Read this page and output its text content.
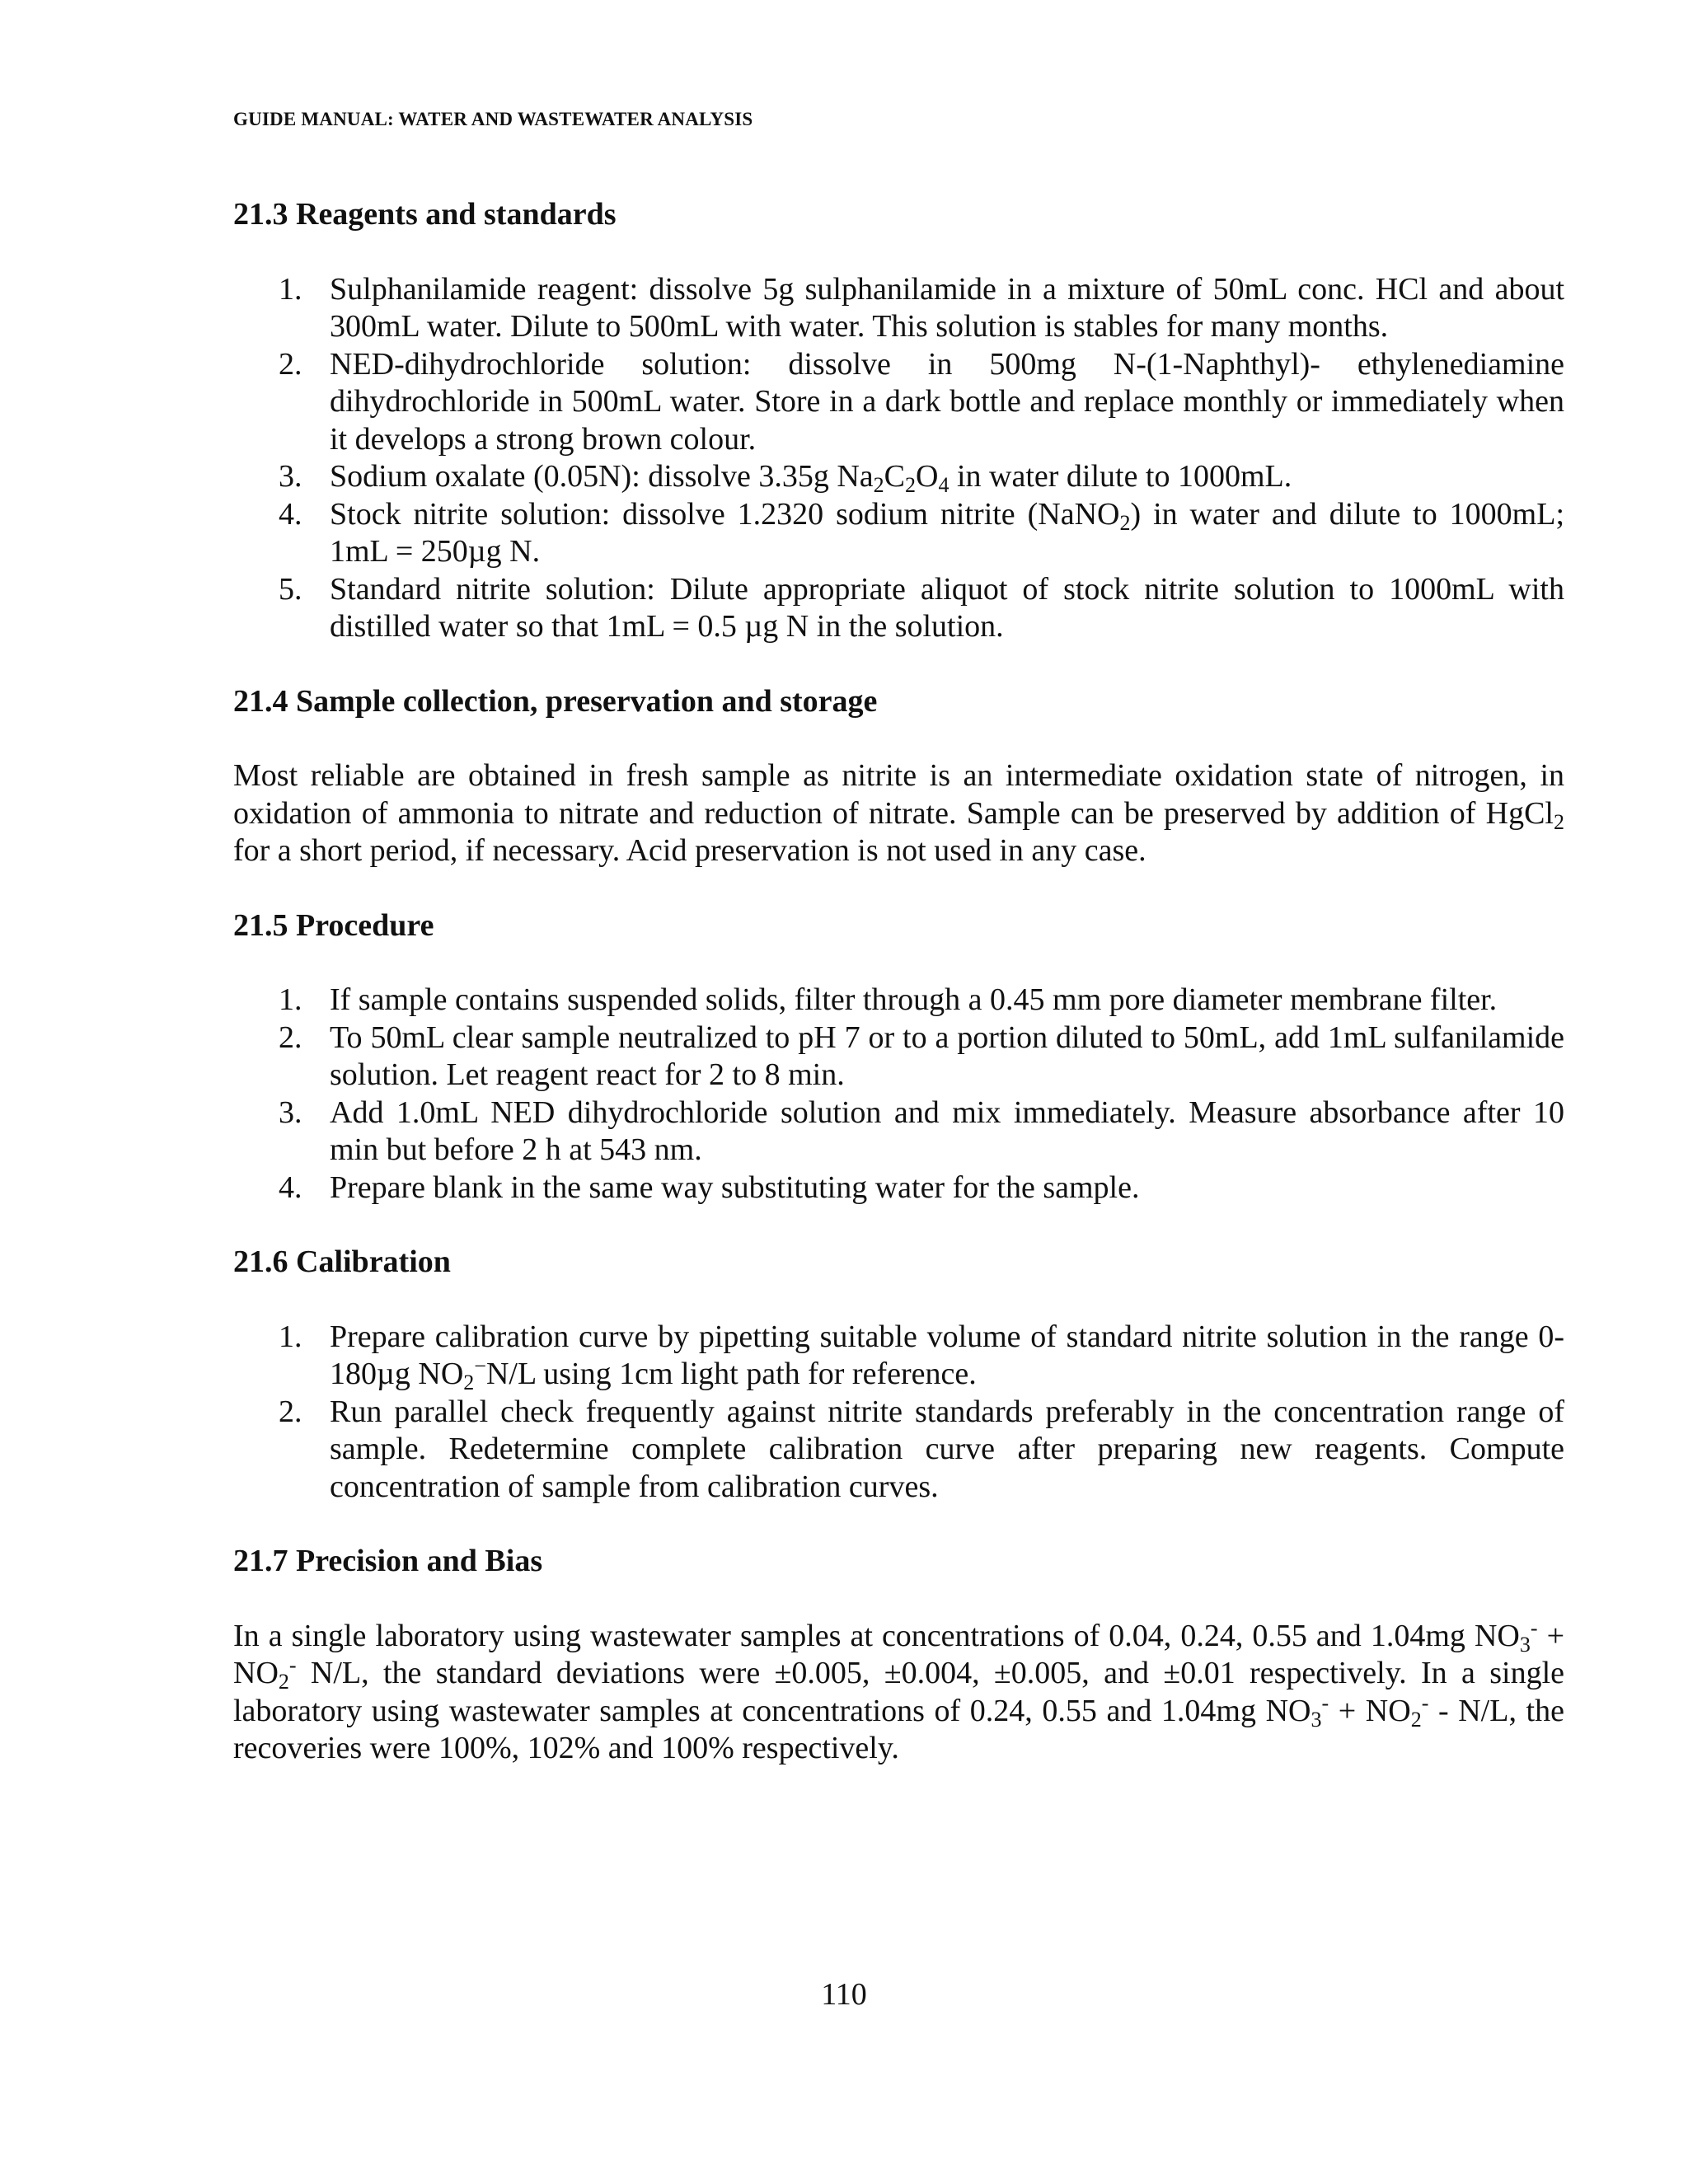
GUIDE MANUAL: WATER AND WASTEWATER ANALYSIS
21.3 Reagents and standards
1. Sulphanilamide reagent: dissolve 5g sulphanilamide in a mixture of 50mL conc. HCl and about 300mL water. Dilute to 500mL with water. This solution is stables for many months.
2. NED-dihydrochloride solution: dissolve in 500mg N-(1-Naphthyl)- ethylenediamine dihydrochloride in 500mL water. Store in a dark bottle and replace monthly or immediately when it develops a strong brown colour.
3. Sodium oxalate (0.05N): dissolve 3.35g $Na_2C_2O_4$ in water dilute to 1000mL.
4. Stock nitrite solution: dissolve 1.2320 sodium nitrite (NaNO$_2$) in water and dilute to 1000mL; 1mL = 250µg N.
5. Standard nitrite solution: Dilute appropriate aliquot of stock nitrite solution to 1000mL with distilled water so that 1mL = 0.5 µg N in the solution.
21.4 Sample collection, preservation and storage

Most reliable are obtained in fresh sample as nitrite is an intermediate oxidation state of nitrogen, in oxidation of ammonia to nitrate and reduction of nitrate. Sample can be preserved by addition of HgCl$_2$ for a short period, if necessary. Acid preservation is not used in any case.

21.5 Procedure
1. If sample contains suspended solids, filter through a 0.45 mm pore diameter membrane filter.
2. To 50mL clear sample neutralized to pH 7 or to a portion diluted to 50mL, add 1mL sulfanilamide solution. Let reagent react for 2 to 8 min.
3. Add 1.0mL NED dihydrochloride solution and mix immediately. Measure absorbance after 10 min but before 2 h at 543 nm.
4. Prepare blank in the same way substituting water for the sample.
21.6 Calibration
1. Prepare calibration curve by pipetting suitable volume of standard nitrite solution in the range 0-180µg $NO_2^-N/L$ using 1cm light path for reference.
2. Run parallel check frequently against nitrite standards preferably in the concentration range of sample. Redetermine complete calibration curve after preparing new reagents. Compute concentration of sample from calibration curves.
21.7 Precision and Bias

In a single laboratory using wastewater samples at concentrations of 0.04, 0.24, 0.55 and 1.04mg $NO_3^- + NO_2^-$ N/L, the standard deviations were ±0.005, ±0.004, ±0.005, and ±0.01 respectively. In a single laboratory using wastewater samples at concentrations of 0.24, 0.55 and 1.04mg $NO_3^- + NO_2^- - N/L$, the recoveries were 100%, 102% and 100% respectively.

110
